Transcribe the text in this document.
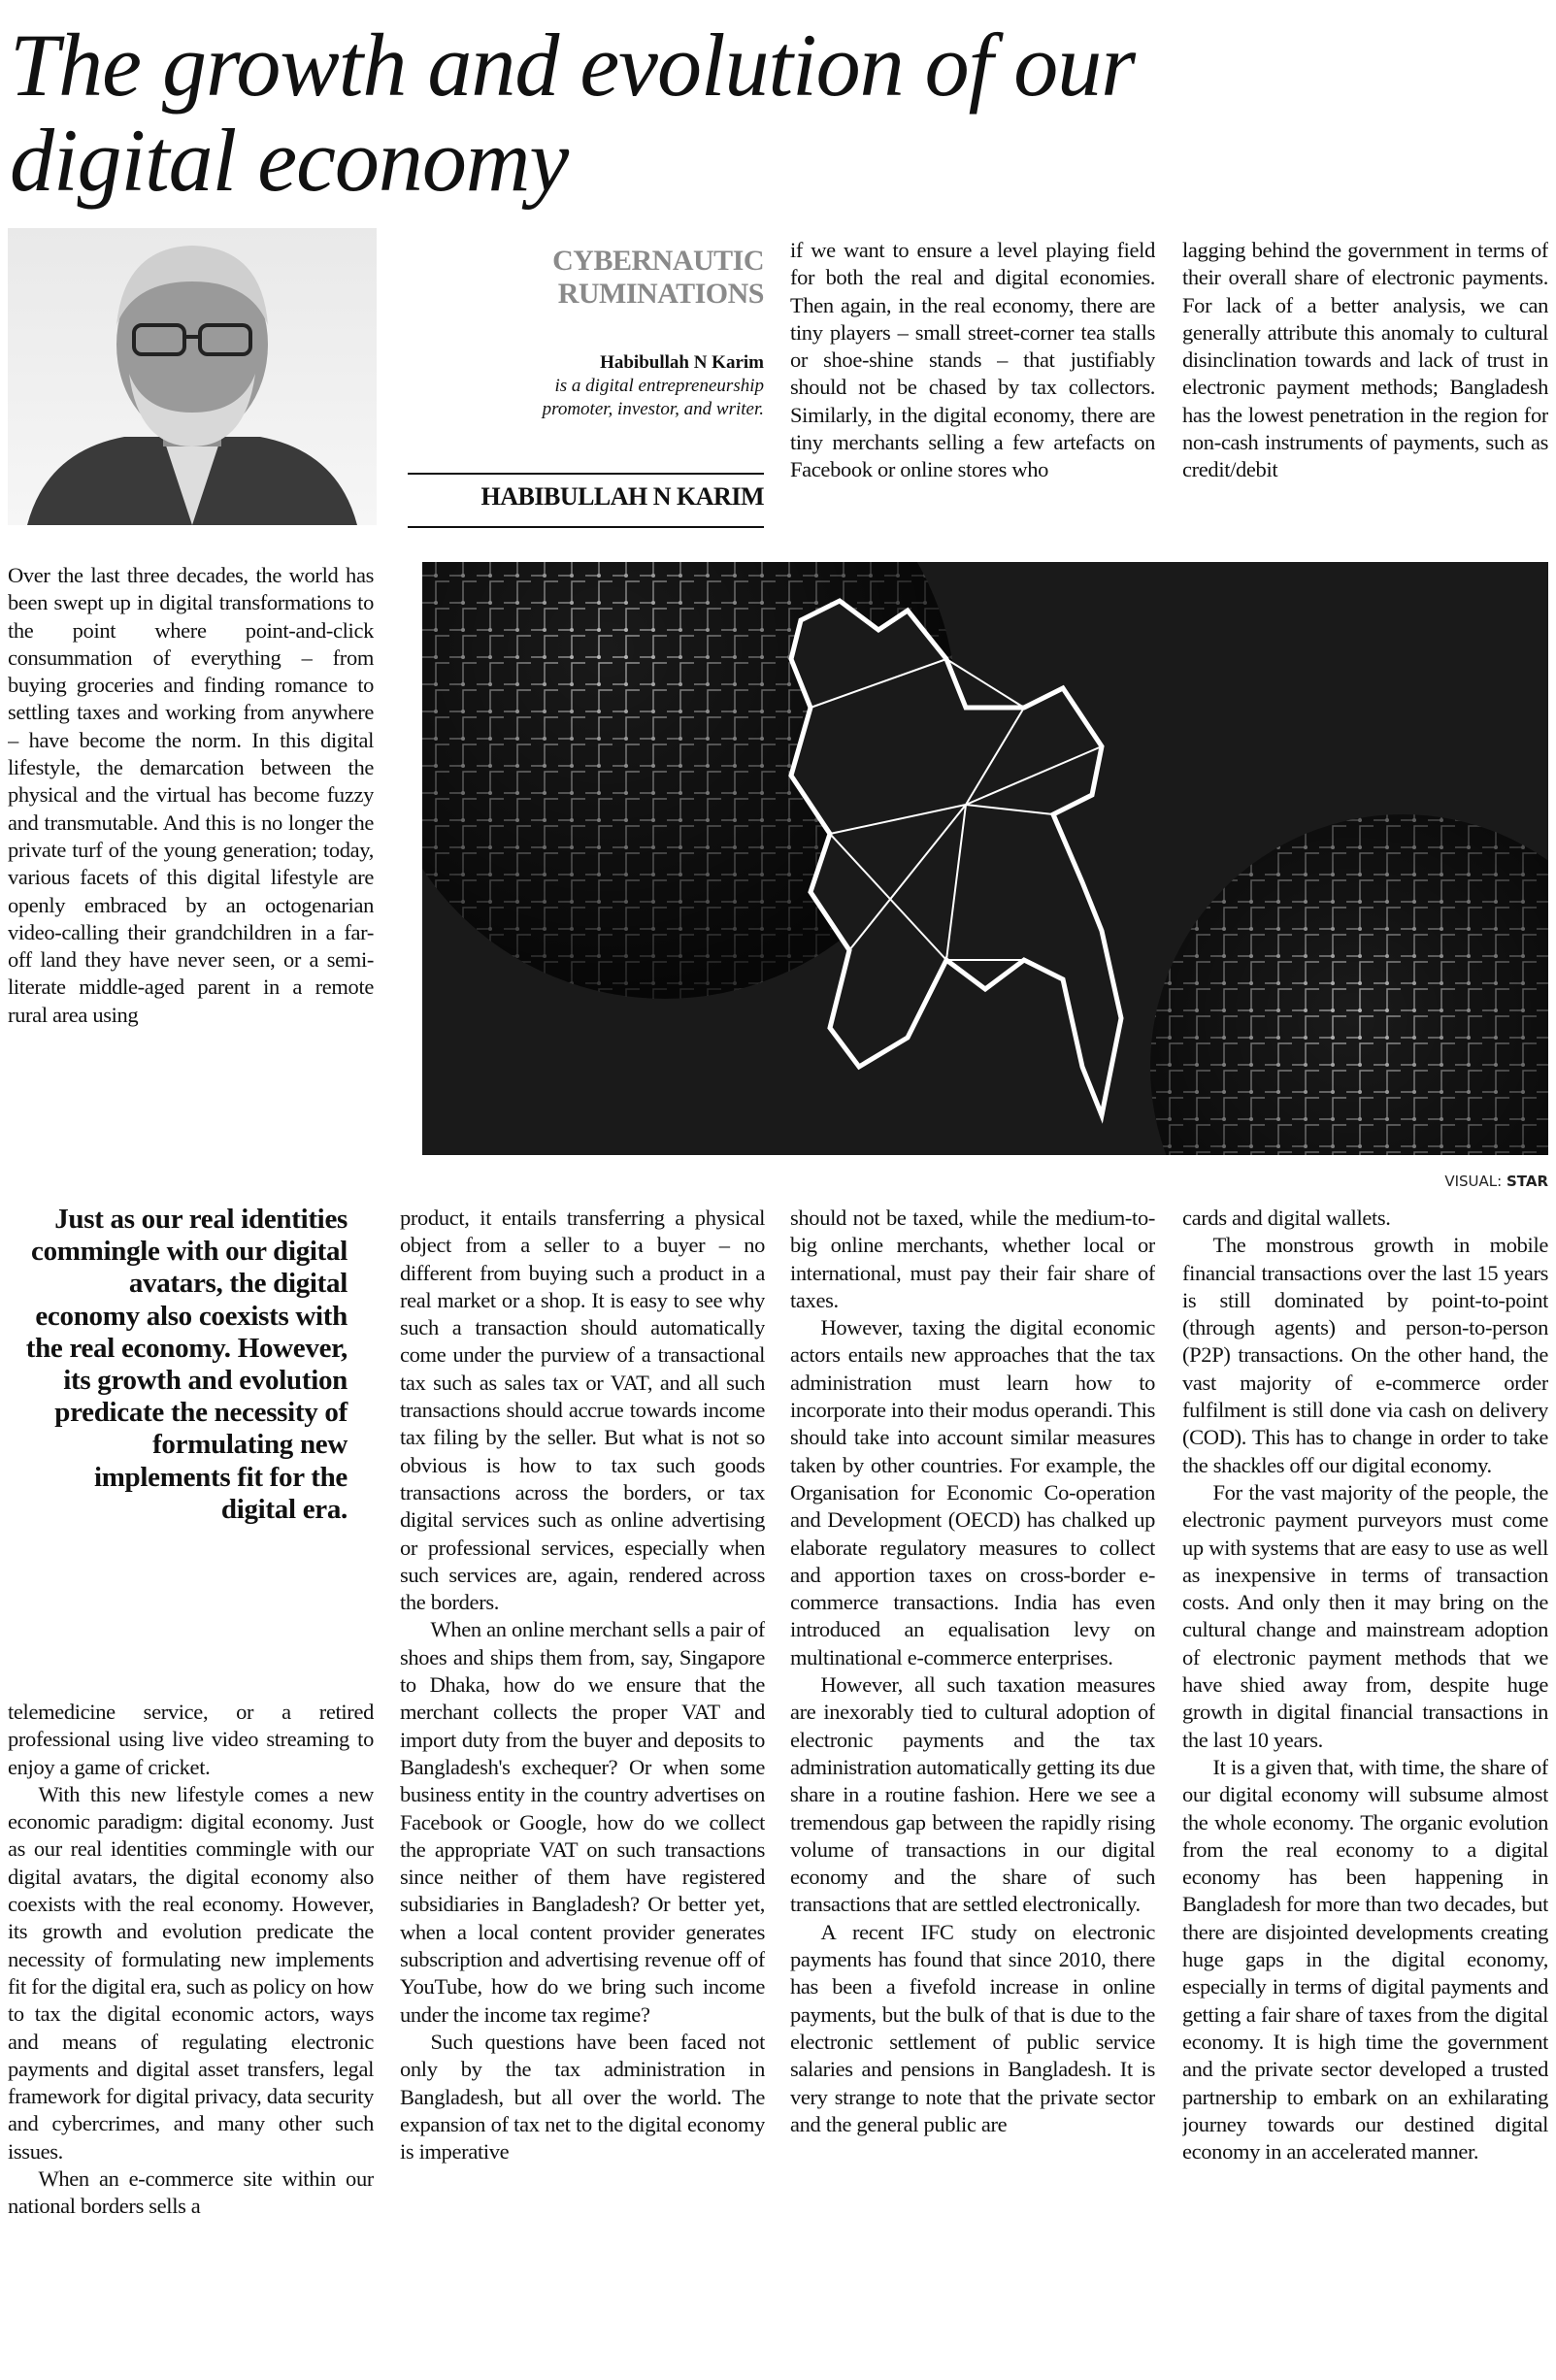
The growth and evolution of our
digital economy
CYBERNAUTIC
RUMINATIONS
Habibullah N Karim
is a digital entrepreneurship
promoter, investor, and writer.
HABIBULLAH N KARIM

if we want to ensure a level playing field for both the real and digital economies. Then again, in the real economy, there are tiny players – small street-corner tea stalls or shoe-shine stands – that justifiably should not be chased by tax collectors. Similarly, in the digital economy, there are tiny merchants selling a few artefacts on Facebook or online stores who

lagging behind the government in terms of their overall share of electronic payments. For lack of a better analysis, we can generally attribute this anomaly to cultural disinclination towards and lack of trust in electronic payment methods; Bangladesh has the lowest penetration in the region for non-cash instruments of payments, such as credit/debit

Over the last three decades, the world has been swept up in digital transformations to the point where point-and-click consummation of everything – from buying groceries and finding romance to settling taxes and working from anywhere – have become the norm. In this digital lifestyle, the demarcation between the physical and the virtual has become fuzzy and transmutable. And this is no longer the private turf of the young generation; today, various facets of this digital lifestyle are openly embraced by an octogenarian video-calling their grandchildren in a far-off land they have never seen, or a semi-literate middle-aged parent in a remote rural area using

VISUAL: STAR
Just as our real identities commingle with our digital avatars, the digital economy also coexists with the real economy. However, its growth and evolution predicate the necessity of formulating new implements fit for the digital era.

telemedicine service, or a retired professional using live video streaming to enjoy a game of cricket.

With this new lifestyle comes a new economic paradigm: digital economy. Just as our real identities commingle with our digital avatars, the digital economy also coexists with the real economy. However, its growth and evolution predicate the necessity of formulating new implements fit for the digital era, such as policy on how to tax the digital economic actors, ways and means of regulating electronic payments and digital asset transfers, legal framework for digital privacy, data security and cybercrimes, and many other such issues.

When an e-commerce site within our national borders sells a

product, it entails transferring a physical object from a seller to a buyer – no different from buying such a product in a real market or a shop. It is easy to see why such a transaction should automatically come under the purview of a transactional tax such as sales tax or VAT, and all such transactions should accrue towards income tax filing by the seller. But what is not so obvious is how to tax such goods transactions across the borders, or tax digital services such as online advertising or professional services, especially when such services are, again, rendered across the borders.

When an online merchant sells a pair of shoes and ships them from, say, Singapore to Dhaka, how do we ensure that the merchant collects the proper VAT and import duty from the buyer and deposits to Bangladesh's exchequer? Or when some business entity in the country advertises on Facebook or Google, how do we collect the appropriate VAT on such transactions since neither of them have registered subsidiaries in Bangladesh? Or better yet, when a local content provider generates subscription and advertising revenue off of YouTube, how do we bring such income under the income tax regime?

Such questions have been faced not only by the tax administration in Bangladesh, but all over the world. The expansion of tax net to the digital economy is imperative

should not be taxed, while the medium-to-big online merchants, whether local or international, must pay their fair share of taxes.

However, taxing the digital economic actors entails new approaches that the tax administration must learn how to incorporate into their modus operandi. This should take into account similar measures taken by other countries. For example, the Organisation for Economic Co-operation and Development (OECD) has chalked up elaborate regulatory measures to collect and apportion taxes on cross-border e-commerce transactions. India has even introduced an equalisation levy on multinational e-commerce enterprises.

However, all such taxation measures are inexorably tied to cultural adoption of electronic payments and the tax administration automatically getting its due share in a routine fashion. Here we see a tremendous gap between the rapidly rising volume of transactions in our digital economy and the share of such transactions that are settled electronically.

A recent IFC study on electronic payments has found that since 2010, there has been a fivefold increase in online payments, but the bulk of that is due to the electronic settlement of public service salaries and pensions in Bangladesh. It is very strange to note that the private sector and the general public are

cards and digital wallets.

The monstrous growth in mobile financial transactions over the last 15 years is still dominated by point-to-point (through agents) and person-to-person (P2P) transactions. On the other hand, the vast majority of e-commerce order fulfilment is still done via cash on delivery (COD). This has to change in order to take the shackles off our digital economy.

For the vast majority of the people, the electronic payment purveyors must come up with systems that are easy to use as well as inexpensive in terms of transaction costs. And only then it may bring on the cultural change and mainstream adoption of electronic payment methods that we have shied away from, despite huge growth in digital financial transactions in the last 10 years.

It is a given that, with time, the share of our digital economy will subsume almost the whole economy. The organic evolution from the real economy to a digital economy has been happening in Bangladesh for more than two decades, but there are disjointed developments creating huge gaps in the digital economy, especially in terms of digital payments and getting a fair share of taxes from the digital economy. It is high time the government and the private sector developed a trusted partnership to embark on an exhilarating journey towards our destined digital economy in an accelerated manner.
